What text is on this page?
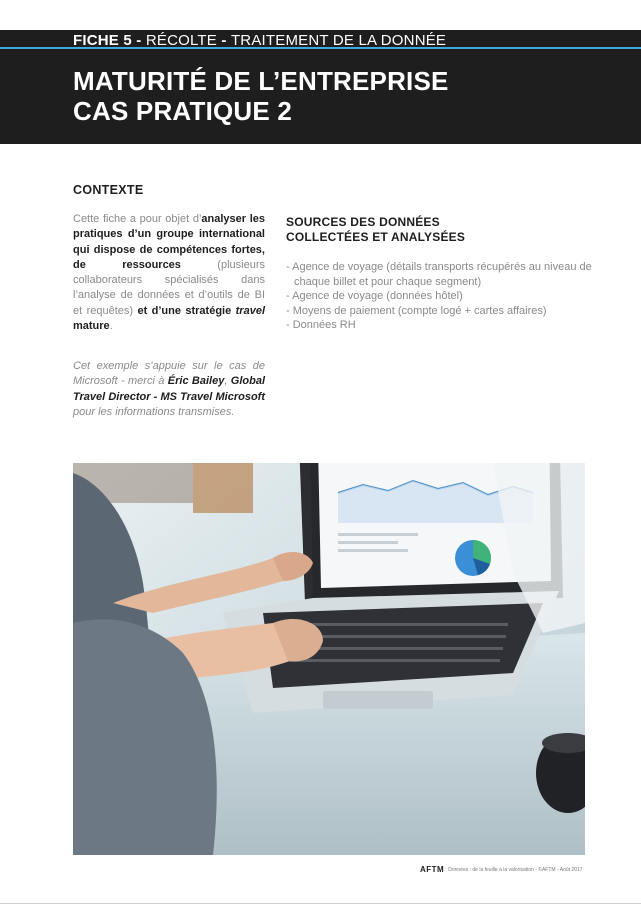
FICHE 5 - RÉCOLTE - TRAITEMENT DE LA DONNÉE
MATURITÉ DE L’ENTREPRISE
CAS PRATIQUE 2
CONTEXTE

Cette fiche a pour objet d’analyser les pratiques d’un groupe international qui dispose de compétences fortes, de ressources (plusieurs collaborateurs spécialisés dans l’analyse de données et d’outils de BI et requêtes) et d’une stratégie travel mature.

Cet exemple s’appuie sur le cas de Microsoft - merci à Éric Bailey, Global Travel Director - MS Travel Microsoft pour les informations transmises.

SOURCES DES DONNÉES
COLLECTÉES ET ANALYSÉES
- Agence de voyage (détails transports récupérés au niveau de chaque billet et pour chaque segment)
- Agence de voyage (données hôtel)
- Moyens de paiement (compte logé + cartes affaires)
- Données RH
AFTM Données : de la feuille à la valorisation - ©AFTM - Août 2017
